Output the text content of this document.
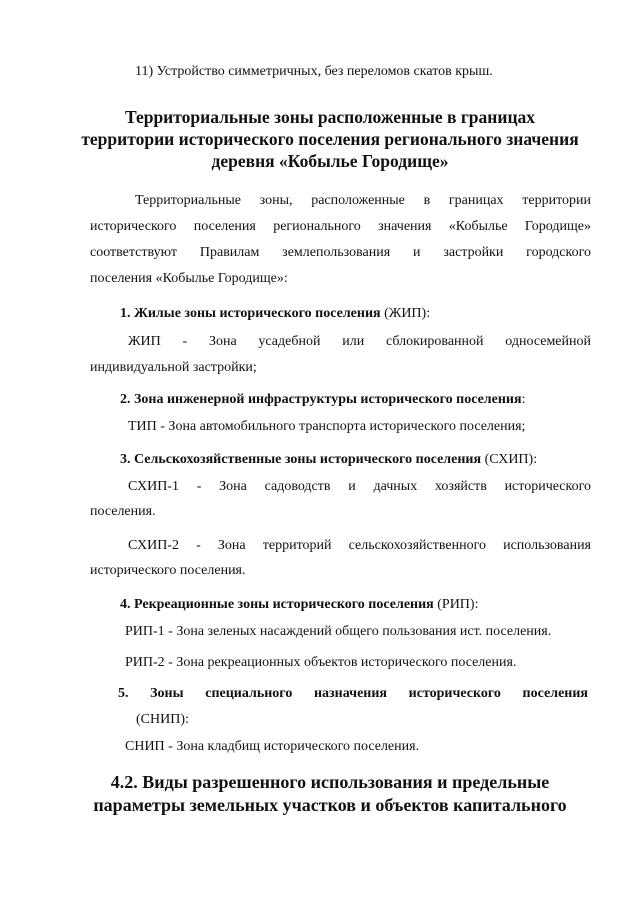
11) Устройство симметричных, без переломов скатов крыш.
Территориальные зоны расположенные в границах
территории исторического поселения регионального значения
деревня «Кобылье Городище»
Территориальные зоны, расположенные в границах территории
исторического поселения регионального значения «Кобылье Городище»
соответствуют Правилам землепользования и застройки городского
поселения «Кобылье Городище»:
1. Жилые зоны исторического поселения (ЖИП):
ЖИП - Зона усадебной или сблокированной односемейной
индивидуальной застройки;
2. Зона инженерной инфраструктуры исторического поселения:
ТИП - Зона автомобильного транспорта исторического поселения;
3. Сельскохозяйственные зоны исторического поселения (СХИП):
СХИП-1 - Зона садоводств и дачных хозяйств исторического
поселения.
СХИП-2 - Зона территорий сельскохозяйственного использования
исторического поселения.
4. Рекреационные зоны исторического поселения (РИП):
РИП-1 - Зона зеленых насаждений общего пользования ист. поселения.
РИП-2 - Зона рекреационных объектов исторического поселения.
5. Зоны специального назначения исторического поселения
(СНИП):
СНИП - Зона кладбищ исторического поселения.
4.2. Виды разрешенного использования и предельные
параметры земельных участков и объектов капитального
